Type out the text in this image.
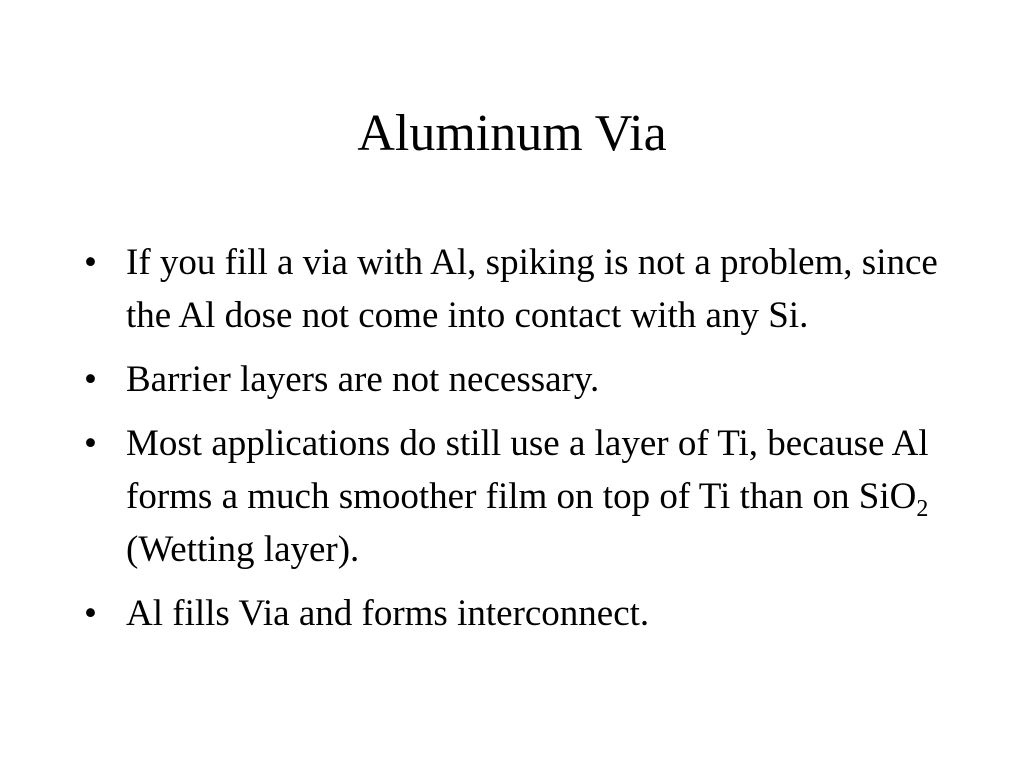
Aluminum Via
• If you fill a via with Al, spiking is not a problem, since the Al dose not come into contact with any Si.
• Barrier layers are not necessary.
• Most applications do still use a layer of Ti, because Al forms a much smoother film on top of Ti than on SiO$_2$ (Wetting layer).
• Al fills Via and forms interconnect.
